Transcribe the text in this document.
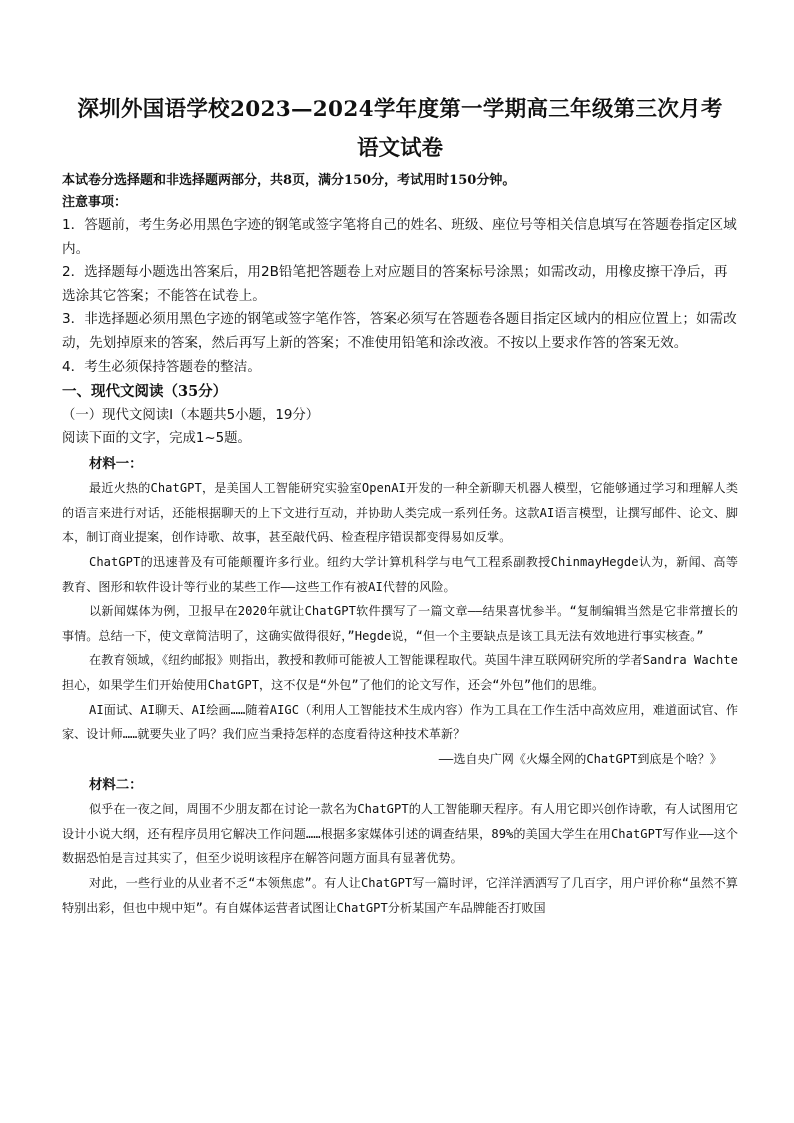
深圳外国语学校2023—2024学年度第一学期高三年级第三次月考
语文试卷
本试卷分选择题和非选择题两部分，共8页，满分150分，考试用时150分钟。
注意事项：

1．答题前，考生务必用黑色字迹的钢笔或签字笔将自己的姓名、班级、座位号等相关信息填写在答题卷指定区域内。

2．选择题每小题选出答案后，用2B铅笔把答题卷上对应题目的答案标号涂黑；如需改动，用橡皮擦干净后，再选涂其它答案；不能答在试卷上。

3．非选择题必须用黑色字迹的钢笔或签字笔作答，答案必须写在答题卷各题目指定区域内的相应位置上；如需改动，先划掉原来的答案，然后再写上新的答案；不准使用铅笔和涂改液。不按以上要求作答的答案无效。

4．考生必须保持答题卷的整洁。

一、现代文阅读（35分）
（一）现代文阅读Ⅰ（本题共5小题，19分）
阅读下面的文字，完成1~5题。
材料一：

最近火热的ChatGPT，是美国人工智能研究实验室OpenAI开发的一种全新聊天机器人模型，它能够通过学习和理解人类的语言来进行对话，还能根据聊天的上下文进行互动，并协助人类完成一系列任务。这款AI语言模型，让撰写邮件、论文、脚本，制订商业提案，创作诗歌、故事，甚至敲代码、检查程序错误都变得易如反掌。

ChatGPT的迅速普及有可能颠覆许多行业。纽约大学计算机科学与电气工程系副教授ChinmayHegde认为，新闻、高等教育、图形和软件设计等行业的某些工作——这些工作有被AI代替的风险。

以新闻媒体为例，卫报早在2020年就让ChatGPT软件撰写了一篇文章——结果喜忧参半。“复制编辑当然是它非常擅长的事情。总结一下，使文章简洁明了，这确实做得很好，”Hegde说，“但一个主要缺点是该工具无法有效地进行事实核查。”

在教育领域，《纽约邮报》则指出，教授和教师可能被人工智能课程取代。英国牛津互联网研究所的学者Sandra Wachte担心，如果学生们开始使用ChatGPT，这不仅是“外包”了他们的论文写作，还会“外包”他们的思维。

AI面试、AI聊天、AI绘画……随着AIGC（利用人工智能技术生成内容）作为工具在工作生活中高效应用，难道面试官、作家、设计师……就要失业了吗？我们应当秉持怎样的态度看待这种技术革新？

——选自央广网《火爆全网的ChatGPT到底是个啥？》

材料二：

似乎在一夜之间，周围不少朋友都在讨论一款名为ChatGPT的人工智能聊天程序。有人用它即兴创作诗歌，有人试图用它设计小说大纲，还有程序员用它解决工作问题……根据多家媒体引述的调查结果，89%的美国大学生在用ChatGPT写作业——这个数据恐怕是言过其实了，但至少说明该程序在解答问题方面具有显著优势。

对此，一些行业的从业者不乏“本领焦虑”。有人让ChatGPT写一篇时评，它洋洋洒洒写了几百字，用户评价称“虽然不算特别出彩，但也中规中矩”。有自媒体运营者试图让ChatGPT分析某国产车品牌能否打败国
